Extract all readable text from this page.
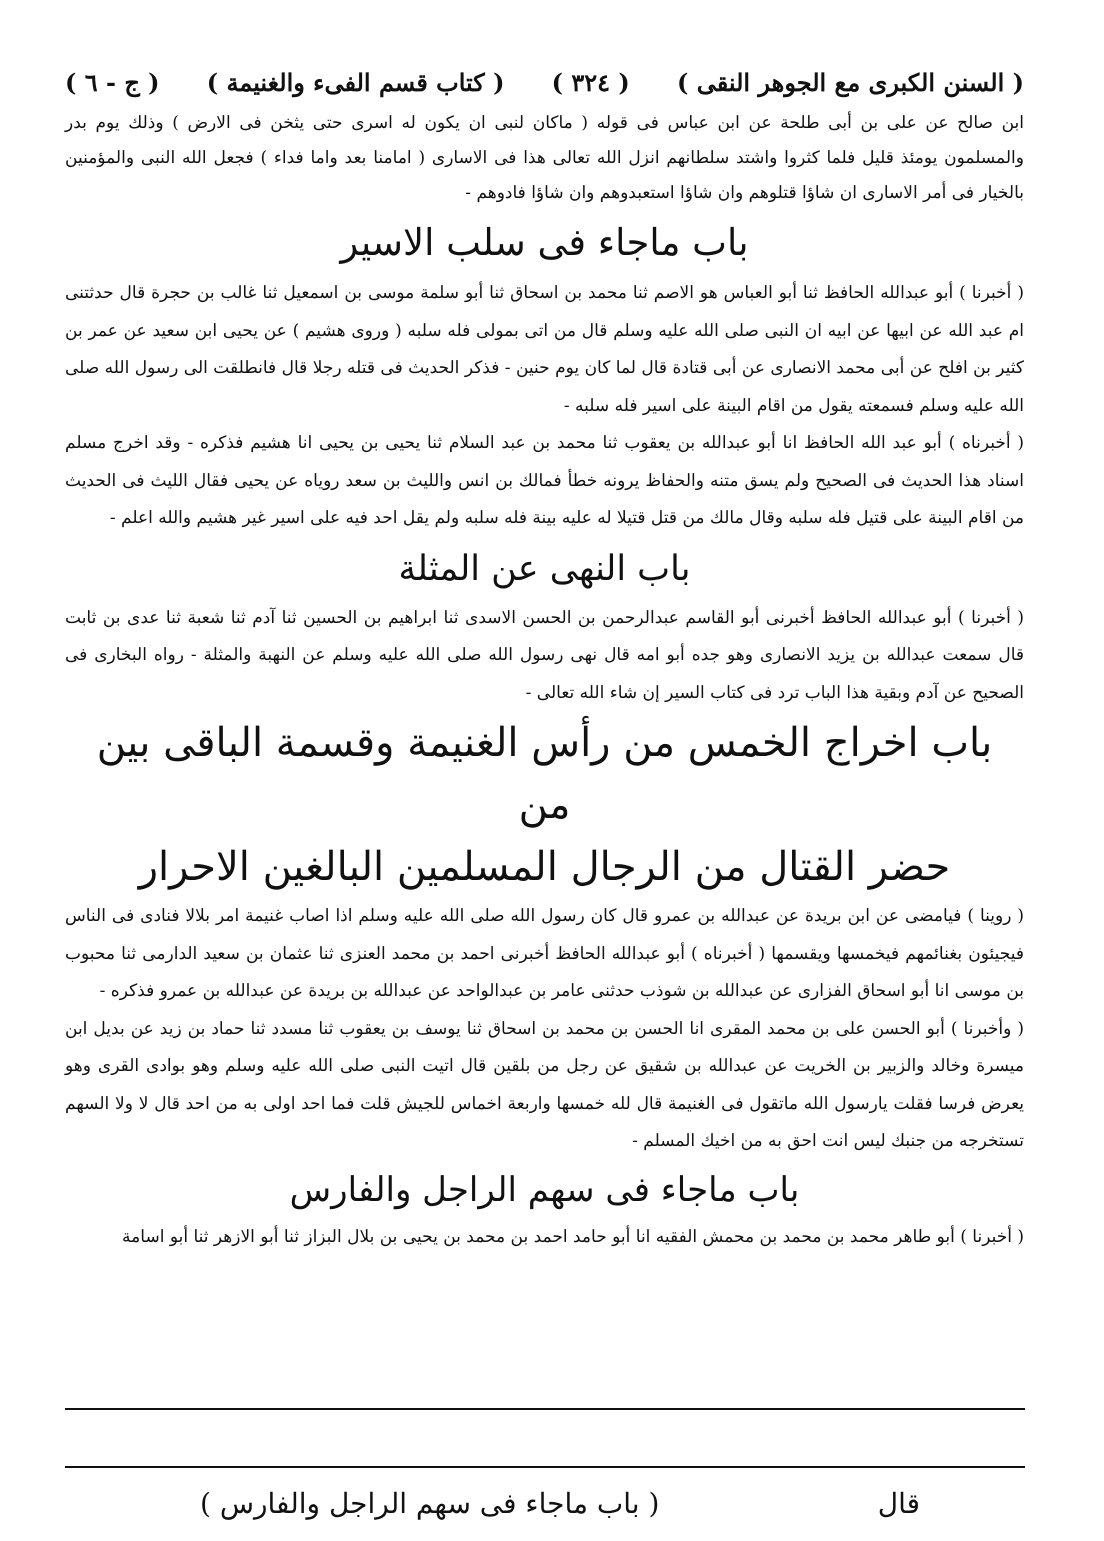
( السنن الكبرى مع الجوهر النقى )
( ٣٢٤ )
( كتاب قسم الفىء والغنيمة )
( ج - ٦ )

ابن صالح عن على بن أبى طلحة عن ابن عباس فى قوله ( ماكان لنبى ان يكون له اسرى حتى يثخن فى الارض ) وذلك يوم بدر والمسلمون يومئذ قليل فلما كثروا واشتد سلطانهم انزل الله تعالى هذا فى الاسارى ( امامنا بعد واما فداء ) فجعل الله النبى والمؤمنين بالخيار فى أمر الاسارى ان شاؤا قتلوهم وان شاؤا استعبدوهم وان شاؤا فادوهم -

باب ماجاء فى سلب الاسير

( أخبرنا ) أبو عبدالله الحافظ ثنا أبو العباس هو الاصم ثنا محمد بن اسحاق ثنا أبو سلمة موسى بن اسمعيل ثنا غالب بن حجرة قال حدثتنى ام عبد الله عن ابيها عن ابيه ان النبى صلى الله عليه وسلم قال من اتى بمولى فله سلبه ( وروى هشيم ) عن يحيى ابن سعيد عن عمر بن كثير بن افلح عن أبى محمد الانصارى عن أبى قتادة قال لما كان يوم حنين - فذكر الحديث فى قتله رجلا قال فانطلقت الى رسول الله صلى الله عليه وسلم فسمعته يقول من اقام البينة على اسير فله سلبه -

( أخبرناه ) أبو عبد الله الحافظ انا أبو عبدالله بن يعقوب ثنا محمد بن عبد السلام ثنا يحيى بن يحيى انا هشيم فذكره - وقد اخرج مسلم اسناد هذا الحديث فى الصحيح ولم يسق متنه والحفاظ يرونه خطأ فمالك بن انس والليث بن سعد روياه عن يحيى فقال الليث فى الحديث من اقام البينة على قتيل فله سلبه وقال مالك من قتل قتيلا له عليه بينة فله سلبه ولم يقل احد فيه على اسير غير هشيم والله اعلم -

باب النهى عن المثلة

( أخبرنا ) أبو عبدالله الحافظ أخبرنى أبو القاسم عبدالرحمن بن الحسن الاسدى ثنا ابراهيم بن الحسين ثنا آدم ثنا شعبة ثنا عدى بن ثابت قال سمعت عبدالله بن يزيد الانصارى وهو جده أبو امه قال نهى رسول الله صلى الله عليه وسلم عن النهبة والمثلة - رواه البخارى فى الصحيح عن آدم وبقية هذا الباب ترد فى كتاب السير إن شاء الله تعالى -

باب اخراج الخمس من رأس الغنيمة وقسمة الباقى بين من
حضر القتال من الرجال المسلمين البالغين الاحرار

( روينا ) فيامضى عن ابن بريدة عن عبدالله بن عمرو قال كان رسول الله صلى الله عليه وسلم اذا اصاب غنيمة امر بلالا فنادى فى الناس فيجيئون بغنائمهم فيخمسها ويقسمها ( أخبرناه ) أبو عبدالله الحافظ أخبرنى احمد بن محمد العنزى ثنا عثمان بن سعيد الدارمى ثنا محبوب بن موسى انا أبو اسحاق الفزارى عن عبدالله بن شوذب حدثنى عامر بن عبدالواحد عن عبدالله بن بريدة عن عبدالله بن عمرو فذكره -

( وأخبرنا ) أبو الحسن على بن محمد المقرى انا الحسن بن محمد بن اسحاق ثنا يوسف بن يعقوب ثنا مسدد ثنا حماد بن زيد عن بديل ابن ميسرة وخالد والزبير بن الخريت عن عبدالله بن شقيق عن رجل من بلقين قال اتيت النبى صلى الله عليه وسلم وهو بوادى القرى وهو يعرض فرسا فقلت يارسول الله ماتقول فى الغنيمة قال لله خمسها واربعة اخماس للجيش قلت فما احد اولى به من احد قال لا ولا السهم تستخرجه من جنبك ليس انت احق به من اخيك المسلم -

باب ماجاء فى سهم الراجل والفارس

( أخبرنا ) أبو طاهر محمد بن محمد بن محمش الفقيه انا أبو حامد احمد بن محمد بن يحيى بن بلال البزاز ثنا أبو الازهر ثنا أبو اسامة

قال
( باب ماجاء فى سهم الراجل والفارس )
